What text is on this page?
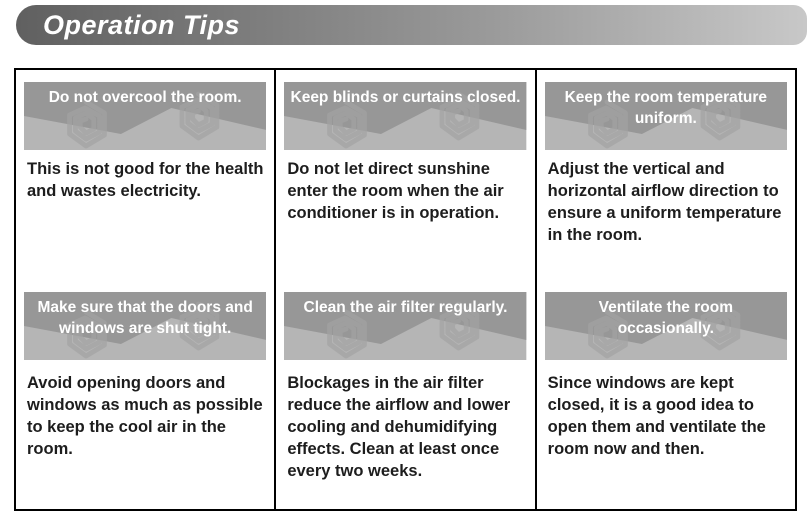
Operation Tips
Do not overcool the room.
This is not good for the health and wastes electricity.
Make sure that the doors and windows are shut tight.
Avoid opening doors and windows as much as possible to keep the cool air in the room.
Keep blinds or curtains closed.
Do not let direct sunshine enter the room when the air conditioner is in operation.
Clean the air filter regularly.
Blockages in the air filter reduce the airflow and lower cooling and dehumidifying effects. Clean at least once every two weeks.
Keep the room temperature uniform.
Adjust the vertical and horizontal airflow direction to ensure a uniform temperature in the room.
Ventilate the room occasionally.
Since windows are kept closed, it is a good idea to open them and ventilate the room now and then.
